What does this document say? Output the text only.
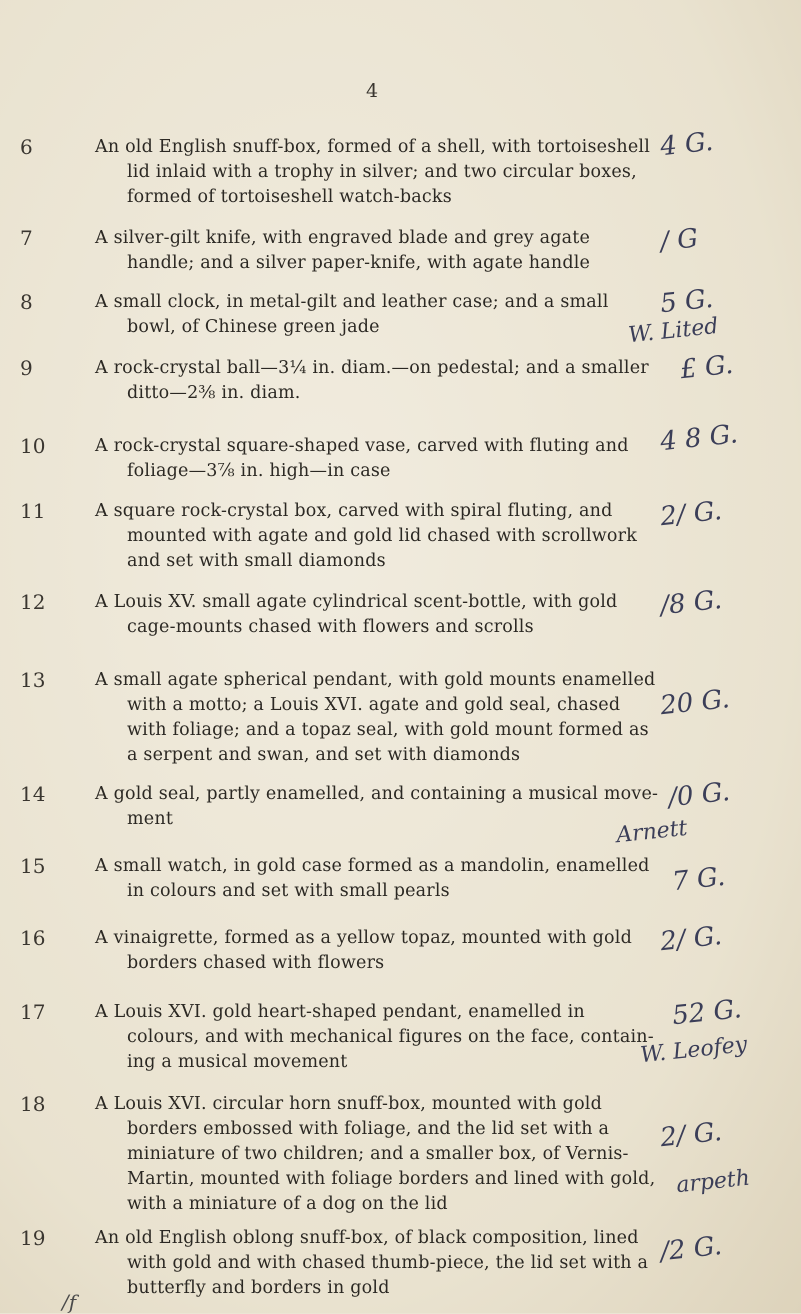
4
6	An old English snuff-box, formed of a shell, with tortoiseshell
lid inlaid with a trophy in silver; and two circular boxes,
formed of tortoiseshell watch-backs
4 G.
7	A silver-gilt knife, with engraved blade and grey agate
handle; and a silver paper-knife, with agate handle
/ G
8	A small clock, in metal-gilt and leather case; and a small
bowl, of Chinese green jade
5 G.
W. Lited
9	A rock-crystal ball—3¼ in. diam.—on pedestal; and a smaller
ditto—2⅜ in. diam.
£ G.
10	A rock-crystal square-shaped vase, carved with fluting and
foliage—3⅞ in. high—in case
4 8 G.
11	A square rock-crystal box, carved with spiral fluting, and
mounted with agate and gold lid chased with scrollwork
and set with small diamonds
2/ G.
12	A Louis XV. small agate cylindrical scent-bottle, with gold
cage-mounts chased with flowers and scrolls
/8 G.
13	A small agate spherical pendant, with gold mounts enamelled
with a motto; a Louis XVI. agate and gold seal, chased
with foliage; and a topaz seal, with gold mount formed as
a serpent and swan, and set with diamonds
20 G.
14	A gold seal, partly enamelled, and containing a musical move-
ment
/0 G.
Arnett
15	A small watch, in gold case formed as a mandolin, enamelled
in colours and set with small pearls	7 G.
16	A vinaigrette, formed as a yellow topaz, mounted with gold
borders chased with flowers
2/ G.
17	A Louis XVI. gold heart-shaped pendant, enamelled in
colours, and with mechanical figures on the face, contain-
ing a musical movement
52 G.
W. Leofey
18	A Louis XVI. circular horn snuff-box, mounted with gold
borders embossed with foliage, and the lid set with a
miniature of two children; and a smaller box, of Vernis-
Martin, mounted with foliage borders and lined with gold,
with a miniature of a dog on the lid
2/ G.
arpeth
19	An old English oblong snuff-box, of black composition, lined
with gold and with chased thumb-piece, the lid set with a
butterfly and borders in gold
/2 G.
/f
